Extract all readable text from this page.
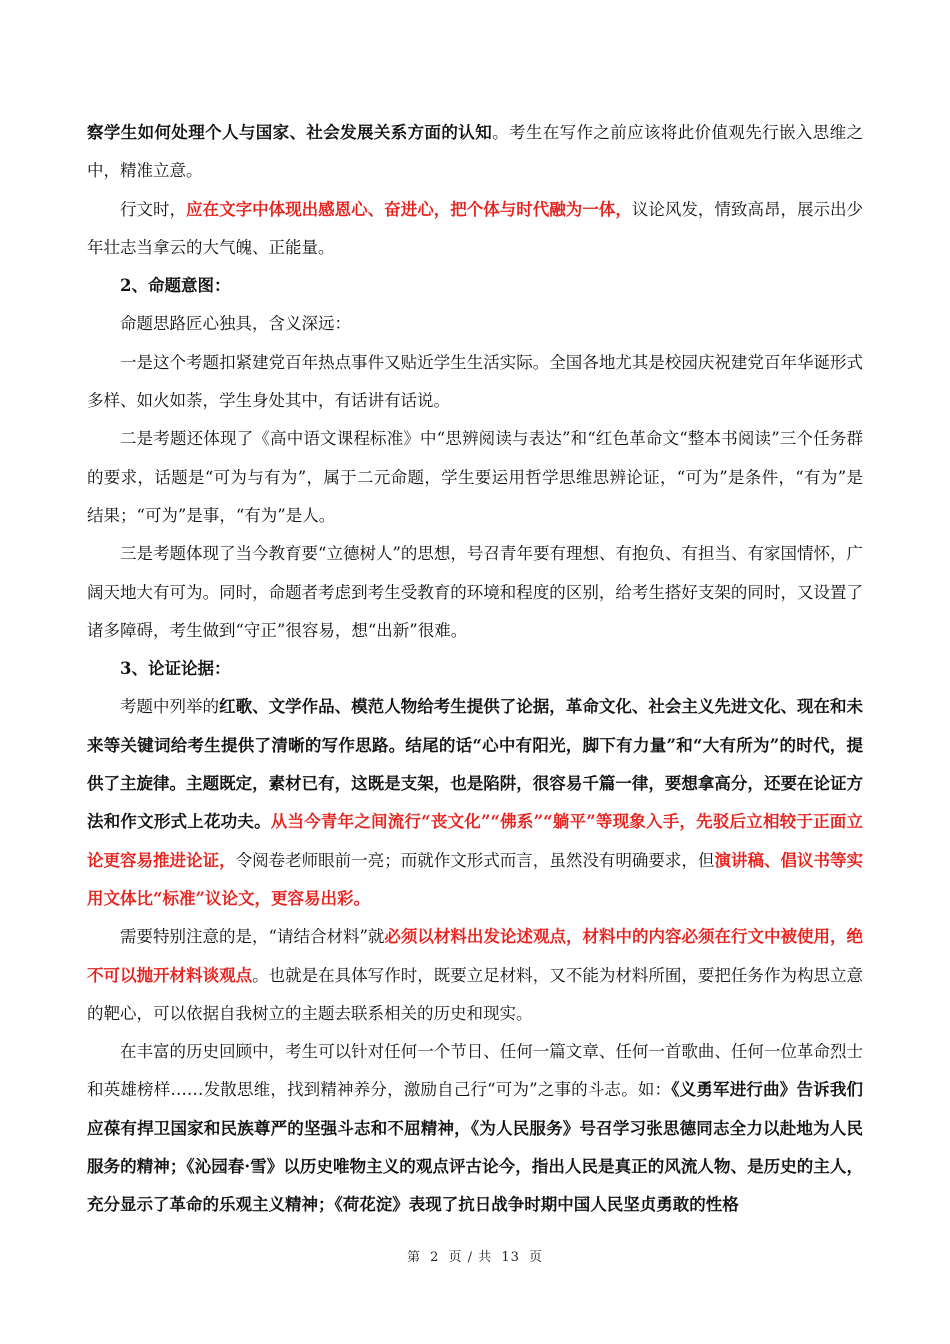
察学生如何处理个人与国家、社会发展关系方面的认知。考生在写作之前应该将此价值观先行嵌入思维之中，精准立意。

行文时，应在文字中体现出感恩心、奋进心，把个体与时代融为一体，议论风发，情致高昂，展示出少年壮志当拿云的大气魄、正能量。

2、命题意图：

命题思路匠心独具，含义深远：

一是这个考题扣紧建党百年热点事件又贴近学生生活实际。全国各地尤其是校园庆祝建党百年华诞形式多样、如火如荼，学生身处其中，有话讲有话说。

二是考题还体现了《高中语文课程标准》中“思辨阅读与表达”和“红色革命文“整本书阅读”三个任务群的要求，话题是“可为与有为”，属于二元命题，学生要运用哲学思维思辨论证，“可为”是条件，“有为”是结果；“可为”是事，“有为”是人。

三是考题体现了当今教育要“立德树人”的思想，号召青年要有理想、有抱负、有担当、有家国情怀，广阔天地大有可为。同时，命题者考虑到考生受教育的环境和程度的区别，给考生搭好支架的同时，又设置了诸多障碍，考生做到“守正”很容易，想“出新”很难。

3、论证论据：

考题中列举的红歌、文学作品、模范人物给考生提供了论据，革命文化、社会主义先进文化、现在和未来等关键词给考生提供了清晰的写作思路。结尾的话“心中有阳光，脚下有力量”和“大有所为”的时代，提供了主旋律。主题既定，素材已有，这既是支架，也是陷阱，很容易千篇一律，要想拿高分，还要在论证方法和作文形式上花功夫。从当今青年之间流行“丧文化”“佛系”“躺平”等现象入手，先驳后立相较于正面立论更容易推进论证，令阅卷老师眼前一亮；而就作文形式而言，虽然没有明确要求，但演讲稿、倡议书等实用文体比“标准”议论文，更容易出彩。

需要特别注意的是，“请结合材料”就必须以材料出发论述观点，材料中的内容必须在行文中被使用，绝不可以抛开材料谈观点。也就是在具体写作时，既要立足材料，又不能为材料所囿，要把任务作为构思立意的靶心，可以依据自我树立的主题去联系相关的历史和现实。

在丰富的历史回顾中，考生可以针对任何一个节日、任何一篇文章、任何一首歌曲、任何一位革命烈士和英雄榜样……发散思维，找到精神养分，激励自己行“可为”之事的斗志。如：《义勇军进行曲》告诉我们应葆有捍卫国家和民族尊严的坚强斗志和不屈精神，《为人民服务》号召学习张思德同志全力以赴地为人民服务的精神；《沁园春·雪》以历史唯物主义的观点评古论今，指出人民是真正的风流人物、是历史的主人，充分显示了革命的乐观主义精神；《荷花淀》表现了抗日战争时期中国人民坚贞勇敢的性格

第 2 页 / 共 13 页
